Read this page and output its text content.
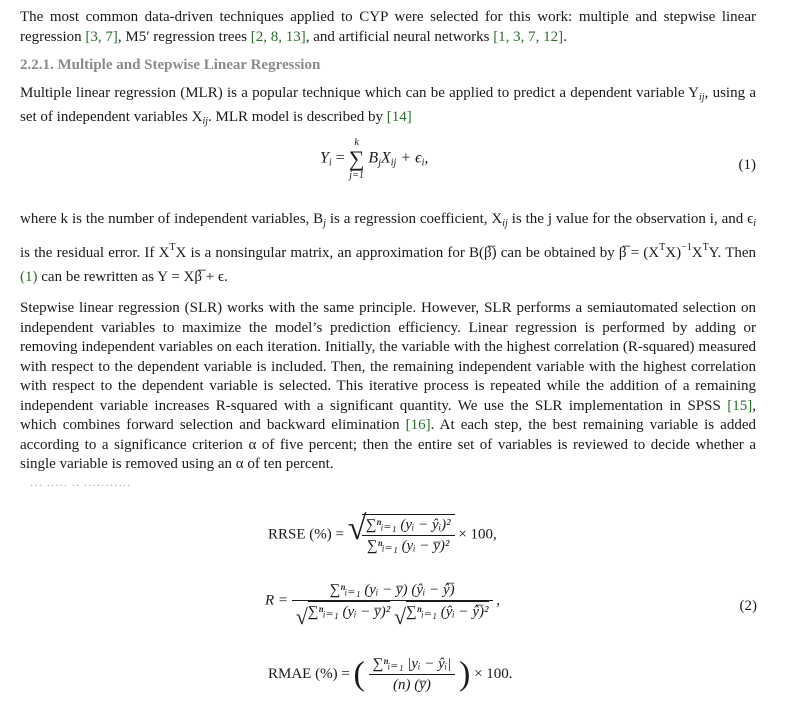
The most common data-driven techniques applied to CYP were selected for this work: multiple and stepwise linear regression [3, 7], M5′ regression trees [2, 8, 13], and artificial neural networks [1, 3, 7, 12].

2.2.1. Multiple and Stepwise Linear Regression

Multiple linear regression (MLR) is a popular technique which can be applied to predict a dependent variable $Y_{ij}$, using a set of independent variables $X_{ij}$. MLR model is described by [14]

$Y_i$ =
k
∑
j=1
$B_jX_{ij} + \epsilon_i$,	(1)

where k is the number of independent variables, $B_j$ is a regression coefficient, $X_{ij}$ is the j value for the observation i, and $\epsilon_i$ is the residual error. If $X^TX$ is a nonsingular matrix, an approximation for B(β̅) can be obtained by β̅ = $(X^TX)^{-1}X^TY$. Then (1) can be rewritten as Y = Xβ̅ + ϵ.

Stepwise linear regression (SLR) works with the same principle. However, SLR performs a semiautomated selection on independent variables to maximize the model’s prediction efficiency. Linear regression is performed by adding or removing independent variables on each iteration. Initially, the variable with the highest correlation (R-squared) measured with respect to the dependent variable is included. Then, the remaining independent variable with the highest correlation with respect to the dependent variable is selected. This iterative process is repeated while the addition of a remaining independent variable increases R-squared with a significant quantity. We use the SLR implementation in SPSS [15], which combines forward selection and backward elimination [16]. At each step, the best remaining variable is added according to a significance criterion α of five percent; then the entire set of variables is reviewed to decide whether a single variable is removed using an α of ten percent.

··· ····· ·· ···········
RRSE (%) = √
$\frac{\text{∑ⁿᵢ₌₁ (yᵢ − ŷᵢ)²}}{\text{∑ⁿᵢ₌₁ (yᵢ − y̅)²}} \times 100$,
$R = \frac{\text{∑ⁿᵢ₌₁ (yᵢ − y̅) (ŷᵢ − ŷ̅)}}{\text{√ ∑ⁿᵢ₌₁ (yᵢ − y̅)² √ ∑ⁿᵢ₌₁ (ŷᵢ − ŷ̅)²}}$ ,	(2)
RMAE (%) = ( $\frac{\text{∑ⁿᵢ₌₁ |yᵢ − ŷᵢ|}}{(n) (y̅)}$ ) × 100.
